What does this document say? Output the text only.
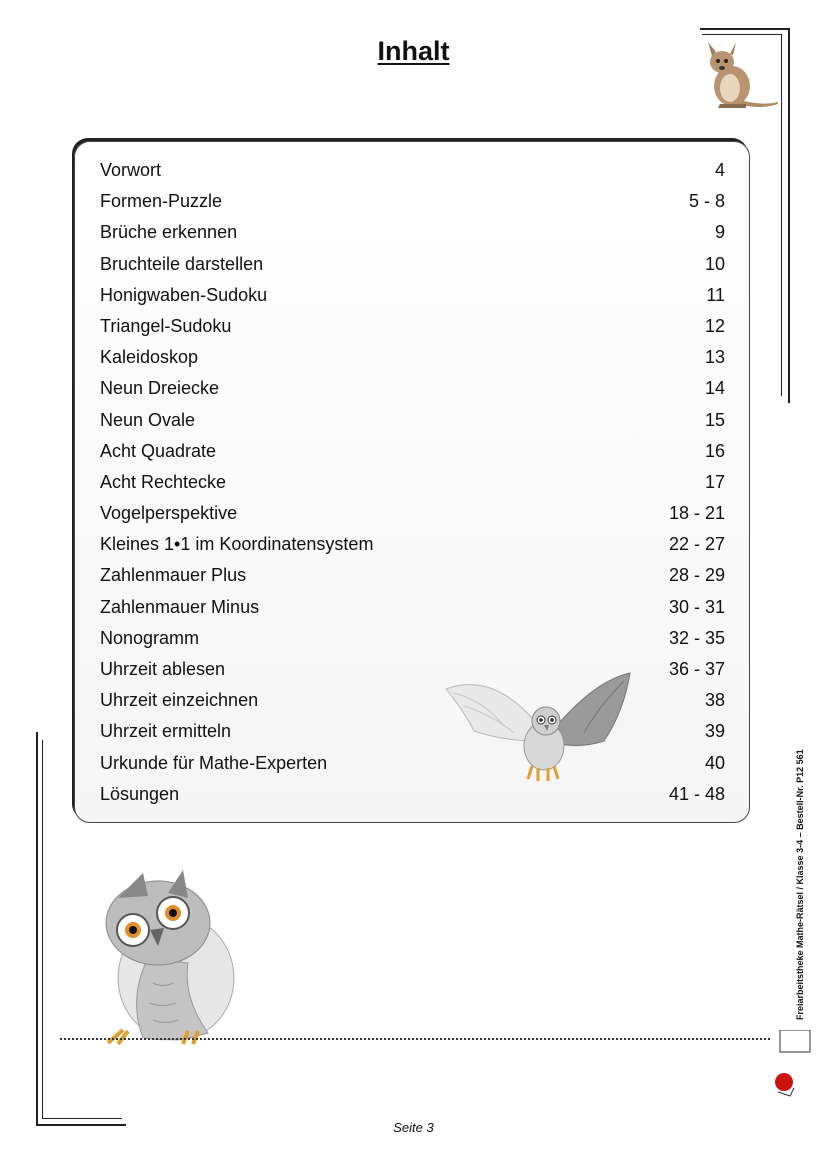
Inhalt
Vorwort	4
Formen-Puzzle	5 - 8
Brüche erkennen	9
Bruchteile darstellen	10
Honigwaben-Sudoku	11
Triangel-Sudoku	12
Kaleidoskop	13
Neun Dreiecke	14
Neun Ovale	15
Acht Quadrate	16
Acht Rechtecke	17
Vogelperspektive	18 - 21
Kleines 1•1 im Koordinatensystem	22 - 27
Zahlenmauer Plus	28 - 29
Zahlenmauer Minus	30 - 31
Nonogramm	32 - 35
Uhrzeit ablesen	36 - 37
Uhrzeit einzeichnen	38
Uhrzeit ermitteln	39
Urkunde für Mathe-Experten	40
Lösungen	41 - 48	Freiarbeitstheke Mathe-Rätsel / Klasse 3-4 – Bestell-Nr. P12 561
Seite 3
